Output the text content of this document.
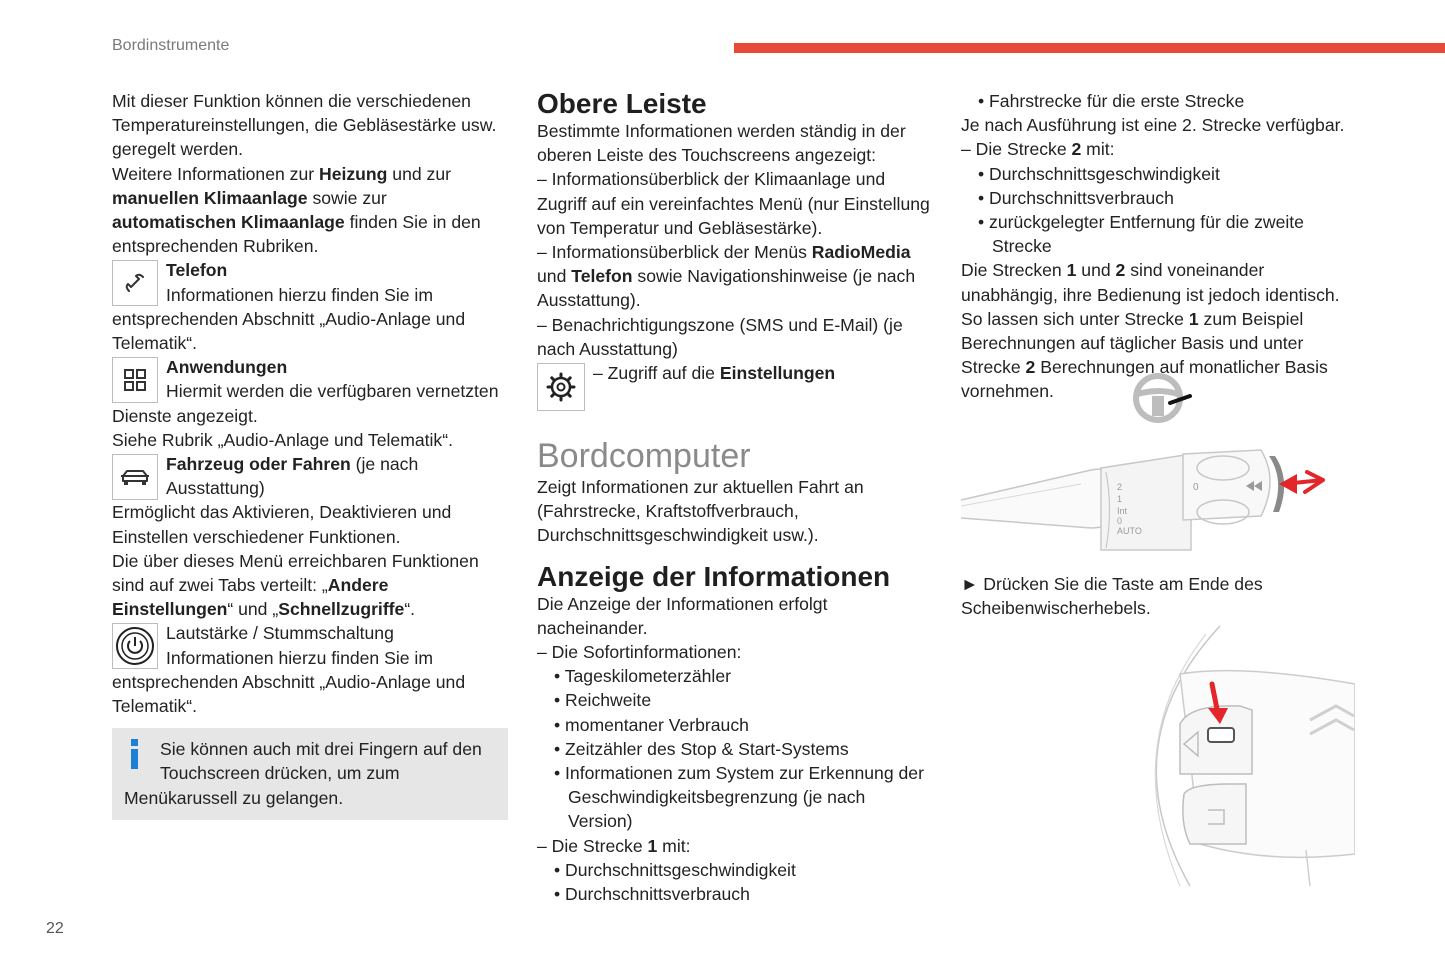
Bordinstrumente

Mit dieser Funktion können die verschiedenen Temperatureinstellungen, die Gebläsestärke usw. geregelt werden.

Weitere Informationen zur Heizung und zur manuellen Klimaanlage sowie zur automatischen Klimaanlage finden Sie in den entsprechenden Rubriken.

Telefon

Informationen hierzu finden Sie im entsprechenden Abschnitt „Audio-Anlage und Telematik“.

Anwendungen

Hiermit werden die verfügbaren vernetzten Dienste angezeigt.

Siehe Rubrik „Audio-Anlage und Telematik“.

Fahrzeug oder Fahren (je nach Ausstattung)

Ermöglicht das Aktivieren, Deaktivieren und Einstellen verschiedener Funktionen.

Die über dieses Menü erreichbaren Funktionen sind auf zwei Tabs verteilt: „Andere Einstellungen“ und „Schnellzugriffe“.

Lautstärke / Stummschaltung

Informationen hierzu finden Sie im entsprechenden Abschnitt „Audio-Anlage und Telematik“.

Sie können auch mit drei Fingern auf den Touchscreen drücken, um zum Menükarussell zu gelangen.

Obere Leiste

Bestimmte Informationen werden ständig in der oberen Leiste des Touchscreens angezeigt:

– Informationsüberblick der Klimaanlage und Zugriff auf ein vereinfachtes Menü (nur Einstellung von Temperatur und Gebläsestärke).

– Informationsüberblick der Menüs RadioMedia und Telefon sowie Navigationshinweise (je nach Ausstattung).

– Benachrichtigungszone (SMS und E-Mail) (je nach Ausstattung)

– Zugriff auf die Einstellungen

Bordcomputer

Zeigt Informationen zur aktuellen Fahrt an (Fahrstrecke, Kraftstoffverbrauch, Durchschnittsgeschwindigkeit usw.).

Anzeige der Informationen

Die Anzeige der Informationen erfolgt nacheinander.

– Die Sofortinformationen:

• Tageskilometerzähler

• Reichweite

• momentaner Verbrauch

• Zeitzähler des Stop & Start-Systems

• Informationen zum System zur Erkennung der Geschwindigkeitsbegrenzung (je nach Version)

– Die Strecke 1 mit:

• Durchschnittsgeschwindigkeit

• Durchschnittsverbrauch

• Fahrstrecke für die erste Strecke

Je nach Ausführung ist eine 2. Strecke verfügbar.

– Die Strecke 2 mit:

• Durchschnittsgeschwindigkeit

• Durchschnittsverbrauch

• zurückgelegter Entfernung für die zweite Strecke

Die Strecken 1 und 2 sind voneinander unabhängig, ihre Bedienung ist jedoch identisch.

So lassen sich unter Strecke 1 zum Beispiel Berechnungen auf täglicher Basis und unter Strecke 2 Berechnungen auf monatlicher Basis vornehmen.

2
1
Int
0
AUTO
0

► Drücken Sie die Taste am Ende des Scheibenwischerhebels.

22
